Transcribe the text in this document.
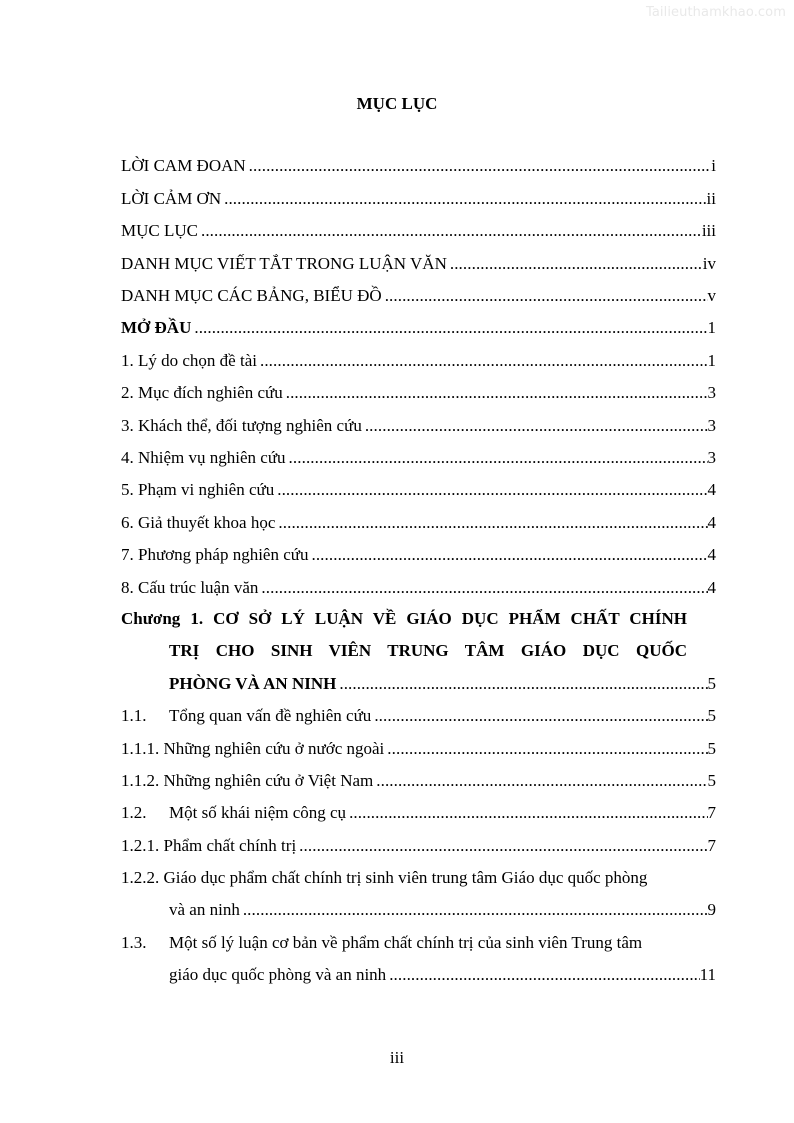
Tailieuthamkhao.com
MỤC LỤC
LỜI CAM ĐOAN .....	i
LỜI CẢM ƠN .....	ii
MỤC LỤC .....	iii
DANH MỤC VIẾT TẮT TRONG LUẬN VĂN .....	iv
DANH MỤC CÁC BẢNG, BIỂU ĐỒ .....	v
MỞ ĐẦU .....	1
1. Lý do chọn đề tài .....	1
2. Mục đích nghiên cứu .....	3
3. Khách thể, đối tượng nghiên cứu .....	3
4. Nhiệm vụ nghiên cứu .....	3
5. Phạm vi nghiên cứu .....	4
6. Giả thuyết khoa học .....	4
7. Phương pháp nghiên cứu .....	4
8. Cấu trúc luận văn .....	4
Chương 1. CƠ SỞ LÝ LUẬN VỀ GIÁO DỤC PHẨM CHẤT CHÍNH
TRỊ CHO SINH VIÊN TRUNG TÂM GIÁO DỤC QUỐC
PHÒNG VÀ AN NINH .....	5
1.1.	Tổng quan vấn đề nghiên cứu .....	5
1.1.1. Những nghiên cứu ở nước ngoài .....	5
1.1.2. Những nghiên cứu ở Việt Nam .....	5
1.2.	Một số khái niệm công cụ .....	7
1.2.1. Phẩm chất chính trị .....	7
1.2.2. Giáo dục phẩm chất chính trị sinh viên trung tâm Giáo dục quốc phòng
và an ninh .....	9
1.3.	Một số lý luận cơ bản về phẩm chất chính trị của sinh viên Trung tâm
giáo dục quốc phòng và an ninh .....	11
iii
